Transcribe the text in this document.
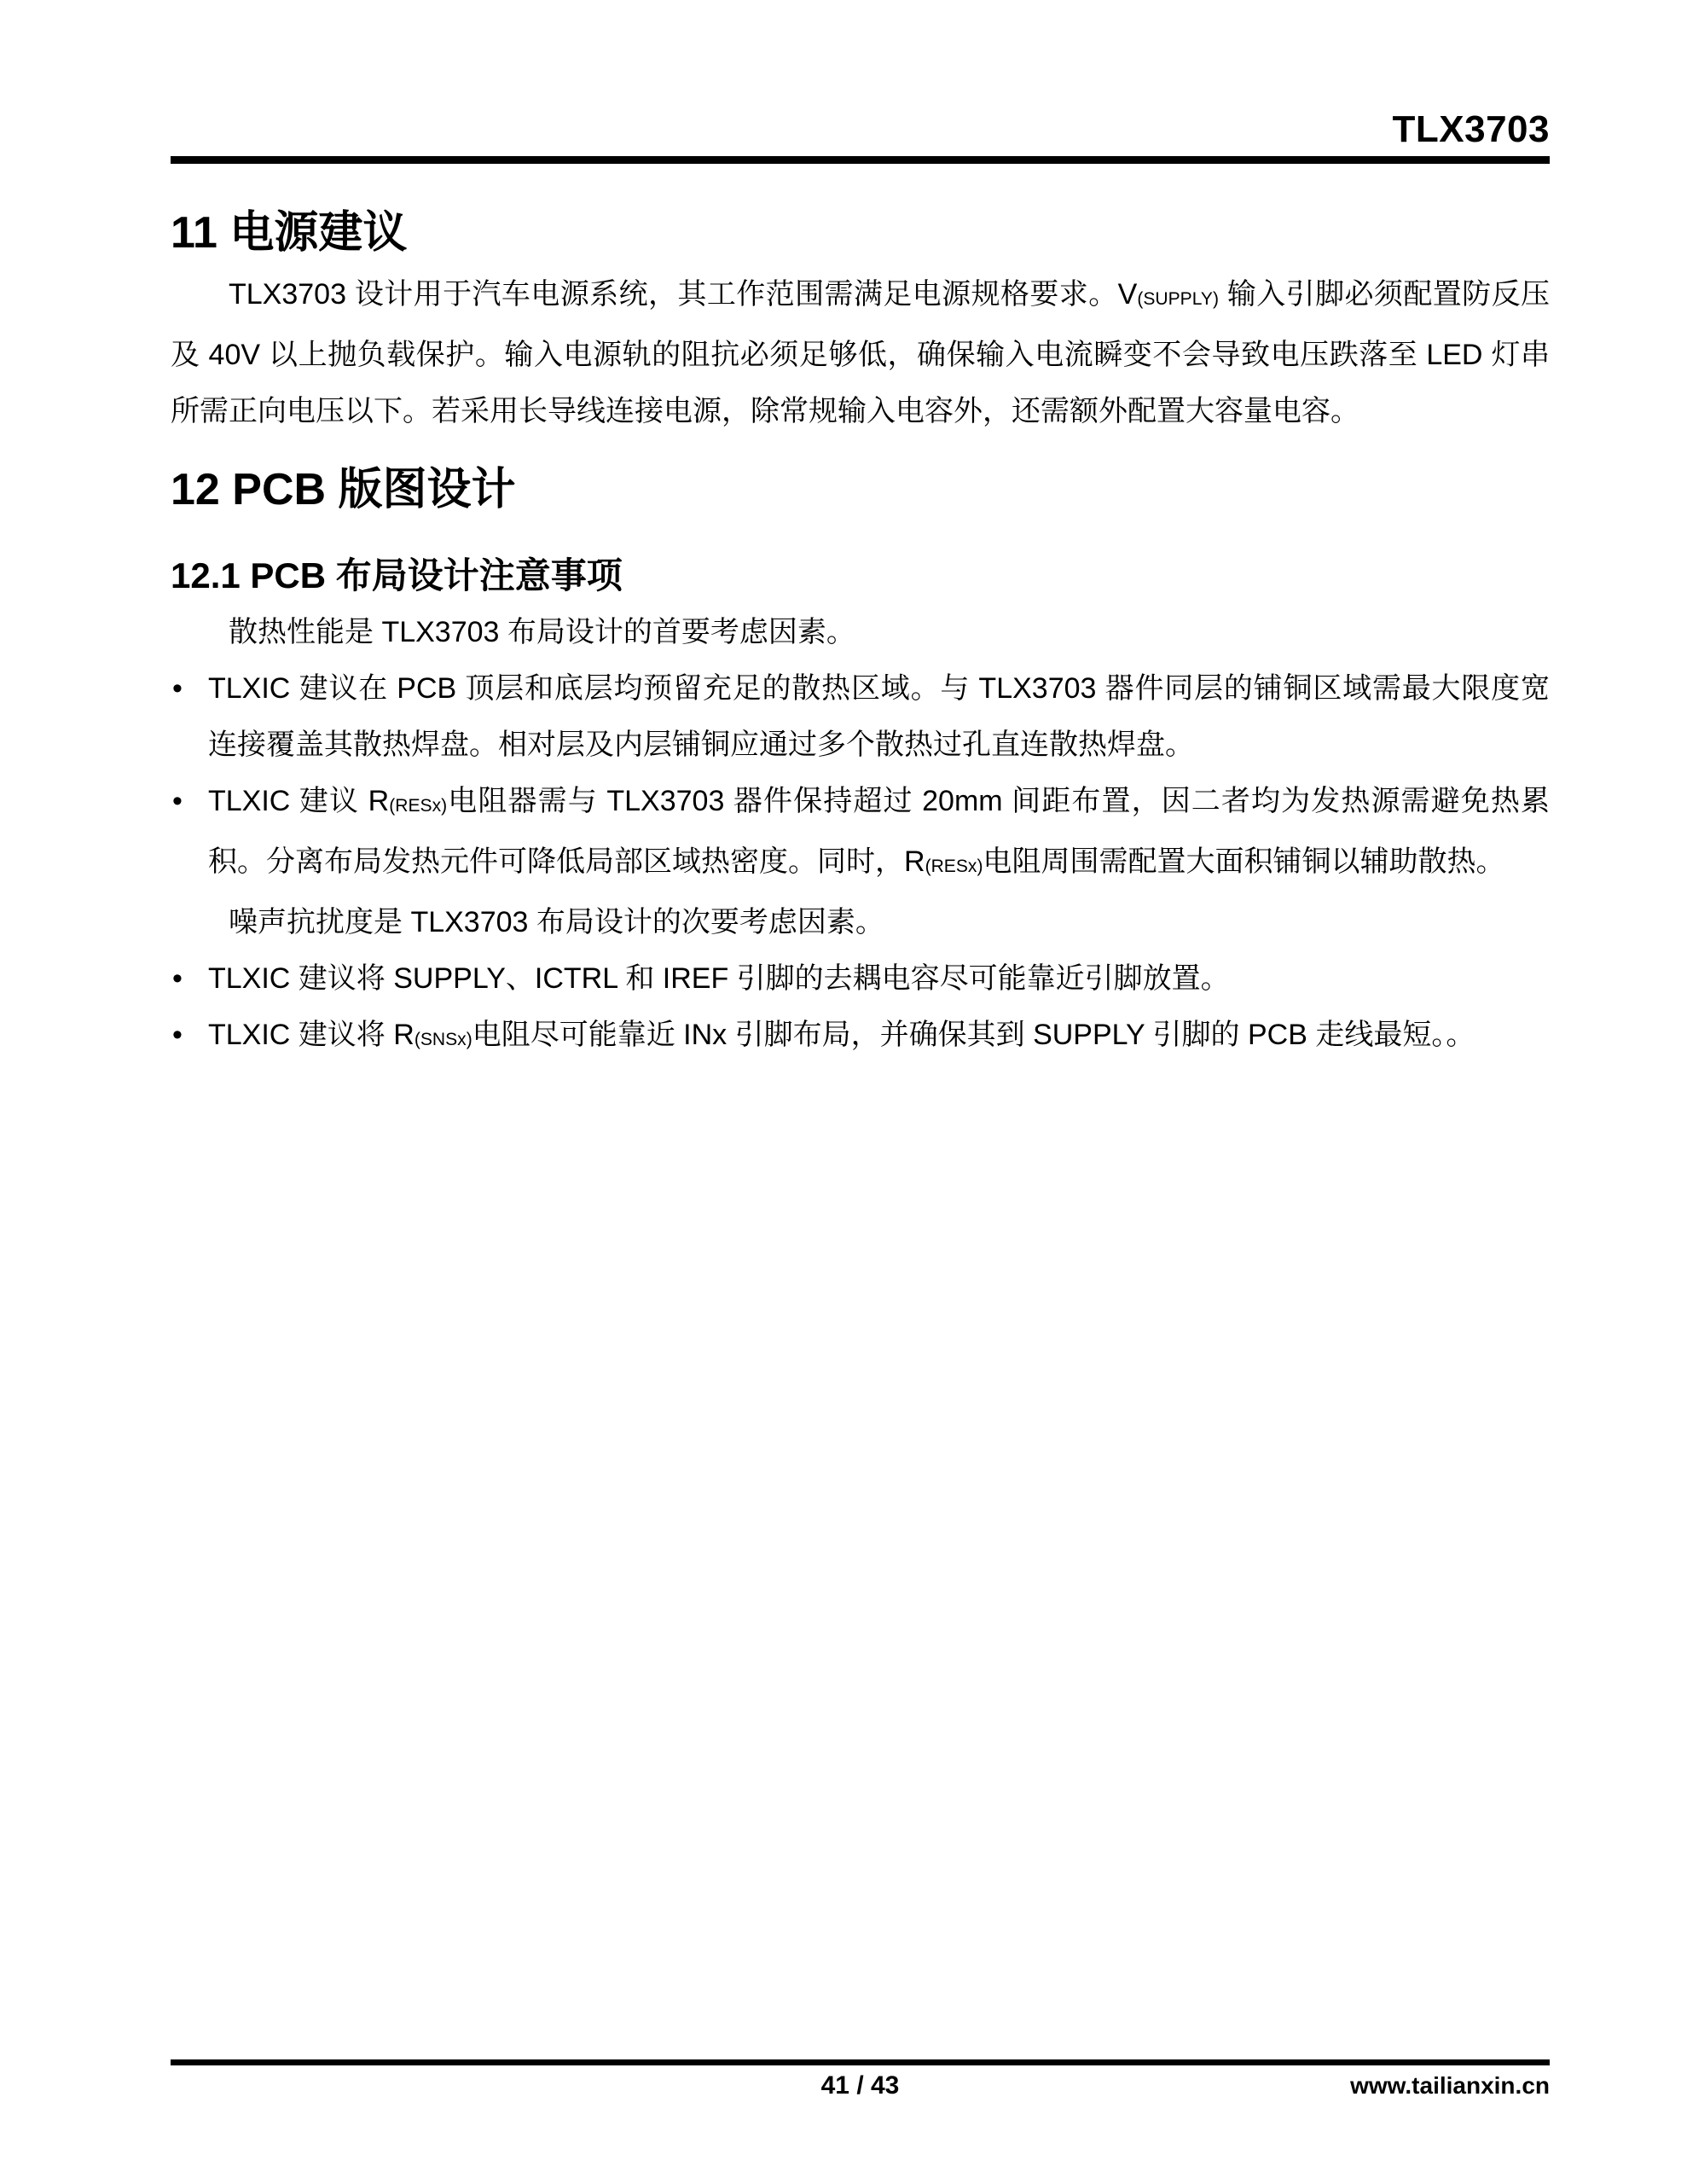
TLX3703
11 电源建议

TLX3703 设计用于汽车电源系统，其工作范围需满足电源规格要求。V(SUPPLY) 输入引脚必须配置防反压及 40V 以上抛负载保护。输入电源轨的阻抗必须足够低，确保输入电流瞬变不会导致电压跌落至 LED 灯串所需正向电压以下。若采用长导线连接电源，除常规输入电容外，还需额外配置大容量电容。

12 PCB 版图设计
12.1 PCB 布局设计注意事项

散热性能是 TLX3703 布局设计的首要考虑因素。

• TLXIC 建议在 PCB 顶层和底层均预留充足的散热区域。与 TLX3703 器件同层的铺铜区域需最大限度宽连接覆盖其散热焊盘。相对层及内层铺铜应通过多个散热过孔直连散热焊盘。
• TLXIC 建议 R(RESx)电阻器需与 TLX3703 器件保持超过 20mm 间距布置，因二者均为发热源需避免热累积。分离布局发热元件可降低局部区域热密度。同时，R(RESx)电阻周围需配置大面积铺铜以辅助散热。

噪声抗扰度是 TLX3703 布局设计的次要考虑因素。

• TLXIC 建议将 SUPPLY、ICTRL 和 IREF 引脚的去耦电容尽可能靠近引脚放置。
• TLXIC 建议将 R(SNSx)电阻尽可能靠近 INx 引脚布局，并确保其到 SUPPLY 引脚的 PCB 走线最短。。
41 / 43	www.tailianxin.cn
